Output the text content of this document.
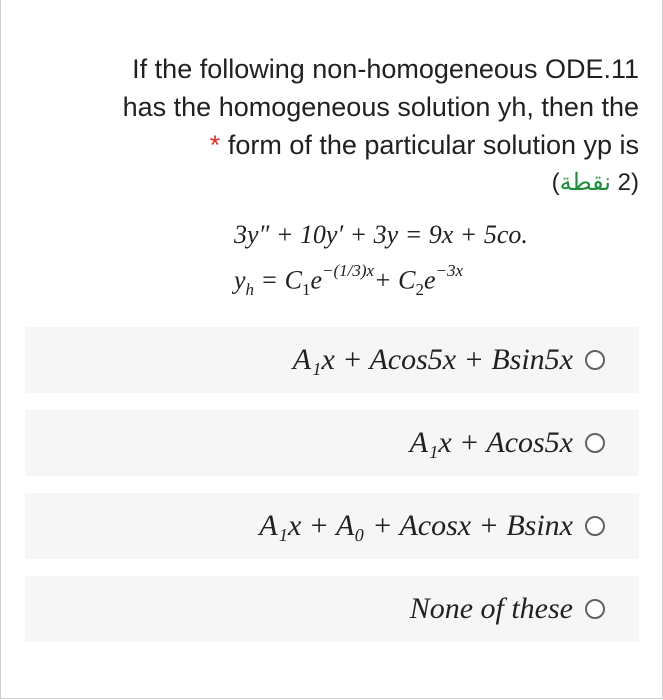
If the following non-homogeneous ODE.11
has the homogeneous solution yh, then the
* form of the particular solution yp is
(2 نقطة)
3y″ + 10y′ + 3y = 9x + 5co.
$y_h = C_1e^{-(1/3)x}+ C_2e^{-3x}$
A₁x + Acos5x + Bsin5x
A₁x + Acos5x
A₁x + A₀ + Acosx + Bsinx
None of these
